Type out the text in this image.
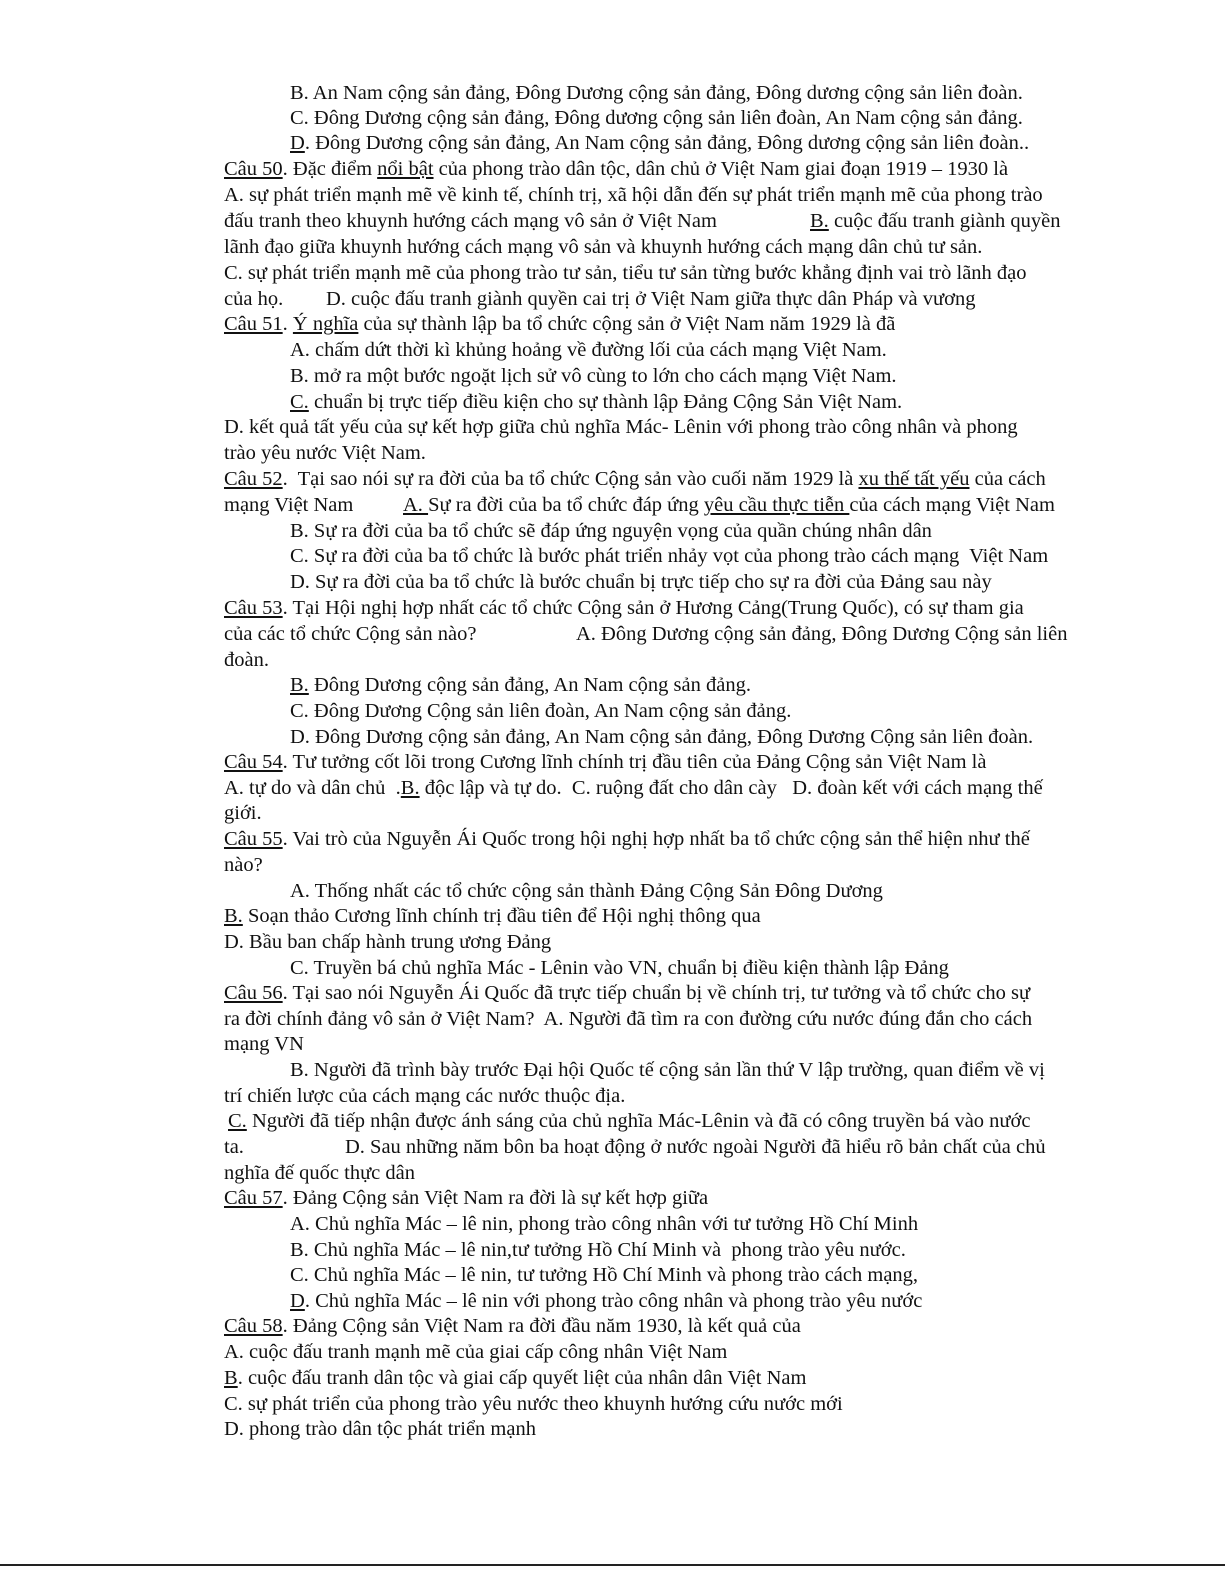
B. An Nam cộng sản đảng, Đông Dương cộng sản đảng, Đông dương cộng sản liên đoàn.
C. Đông Dương cộng sản đảng, Đông dương cộng sản liên đoàn, An Nam cộng sản đảng.
D. Đông Dương cộng sản đảng, An Nam cộng sản đảng, Đông dương cộng sản liên đoàn..
Câu 50. Đặc điểm nổi bật của phong trào dân tộc, dân chủ ở Việt Nam giai đoạn 1919 – 1930 là
A. sự phát triển mạnh mẽ về kinh tế, chính trị, xã hội dẫn đến sự phát triển mạnh mẽ của phong trào
đấu tranh theo khuynh hướng cách mạng vô sản ở Việt Nam	B. cuộc đấu tranh giành quyền
lãnh đạo giữa khuynh hướng cách mạng vô sản và khuynh hướng cách mạng dân chủ tư sản.
C. sự phát triển mạnh mẽ của phong trào tư sản, tiểu tư sản từng bước khẳng định vai trò lãnh đạo
của họ. D. cuộc đấu tranh giành quyền cai trị ở Việt Nam giữa thực dân Pháp và vương
Câu 51. Ý nghĩa của sự thành lập ba tổ chức cộng sản ở Việt Nam năm 1929 là đã
A. chấm dứt thời kì khủng hoảng về đường lối của cách mạng Việt Nam.
B. mở ra một bước ngoặt lịch sử vô cùng to lớn cho cách mạng Việt Nam.
C. chuẩn bị trực tiếp điều kiện cho sự thành lập Đảng Cộng Sản Việt Nam.
D. kết quả tất yếu của sự kết hợp giữa chủ nghĩa Mác- Lênin với phong trào công nhân và phong
trào yêu nước Việt Nam.
Câu 52.  Tại sao nói sự ra đời của ba tổ chức Cộng sản vào cuối năm 1929 là xu thế tất yếu của cách
mạng Việt Nam A. Sự ra đời của ba tổ chức đáp ứng yêu cầu thực tiễn của cách mạng Việt Nam
B. Sự ra đời của ba tổ chức sẽ đáp ứng nguyện vọng của quần chúng nhân dân
C. Sự ra đời của ba tổ chức là bước phát triển nhảy vọt của phong trào cách mạng  Việt Nam
D. Sự ra đời của ba tổ chức là bước chuẩn bị trực tiếp cho sự ra đời của Đảng sau này
Câu 53. Tại Hội nghị hợp nhất các tổ chức Cộng sản ở Hương Cảng(Trung Quốc), có sự tham gia
của các tổ chức Cộng sản nào?	A. Đông Dương cộng sản đảng, Đông Dương Cộng sản liên
đoàn.
B. Đông Dương cộng sản đảng, An Nam cộng sản đảng.
C. Đông Dương Cộng sản liên đoàn, An Nam cộng sản đảng.
D. Đông Dương cộng sản đảng, An Nam cộng sản đảng, Đông Dương Cộng sản liên đoàn.
Câu 54. Tư tưởng cốt lõi trong Cương lĩnh chính trị đầu tiên của Đảng Cộng sản Việt Nam là
A. tự do và dân chủ  .B. độc lập và tự do.  C. ruộng đất cho dân cày   D. đoàn kết với cách mạng thế
giới.
Câu 55. Vai trò của Nguyễn Ái Quốc trong hội nghị hợp nhất ba tổ chức cộng sản thể hiện như thế
nào?
A. Thống nhất các tổ chức cộng sản thành Đảng Cộng Sản Đông Dương
B. Soạn thảo Cương lĩnh chính trị đầu tiên để Hội nghị thông qua
D. Bầu ban chấp hành trung ương Đảng
C. Truyền bá chủ nghĩa Mác - Lênin vào VN, chuẩn bị điều kiện thành lập Đảng
Câu 56. Tại sao nói Nguyễn Ái Quốc đã trực tiếp chuẩn bị về chính trị, tư tưởng và tổ chức cho sự
ra đời chính đảng vô sản ở Việt Nam?  A. Người đã tìm ra con đường cứu nước đúng đắn cho cách
mạng VN
B. Người đã trình bày trước Đại hội Quốc tế cộng sản lần thứ V lập trường, quan điểm về vị
trí chiến lược của cách mạng các nước thuộc địa.
C. Người đã tiếp nhận được ánh sáng của chủ nghĩa Mác-Lênin và đã có công truyền bá vào nước
ta.	D. Sau những năm bôn ba hoạt động ở nước ngoài Người đã hiểu rõ bản chất của chủ
nghĩa đế quốc thực dân
Câu 57. Đảng Cộng sản Việt Nam ra đời là sự kết hợp giữa
A. Chủ nghĩa Mác – lê nin, phong trào công nhân với tư tưởng Hồ Chí Minh
B. Chủ nghĩa Mác – lê nin,tư tưởng Hồ Chí Minh và  phong trào yêu nước.
C. Chủ nghĩa Mác – lê nin, tư tưởng Hồ Chí Minh và phong trào cách mạng,
D. Chủ nghĩa Mác – lê nin với phong trào công nhân và phong trào yêu nước
Câu 58. Đảng Cộng sản Việt Nam ra đời đầu năm 1930, là kết quả của
A. cuộc đấu tranh mạnh mẽ của giai cấp công nhân Việt Nam
B. cuộc đấu tranh dân tộc và giai cấp quyết liệt của nhân dân Việt Nam
C. sự phát triển của phong trào yêu nước theo khuynh hướng cứu nước mới
D. phong trào dân tộc phát triển mạnh
